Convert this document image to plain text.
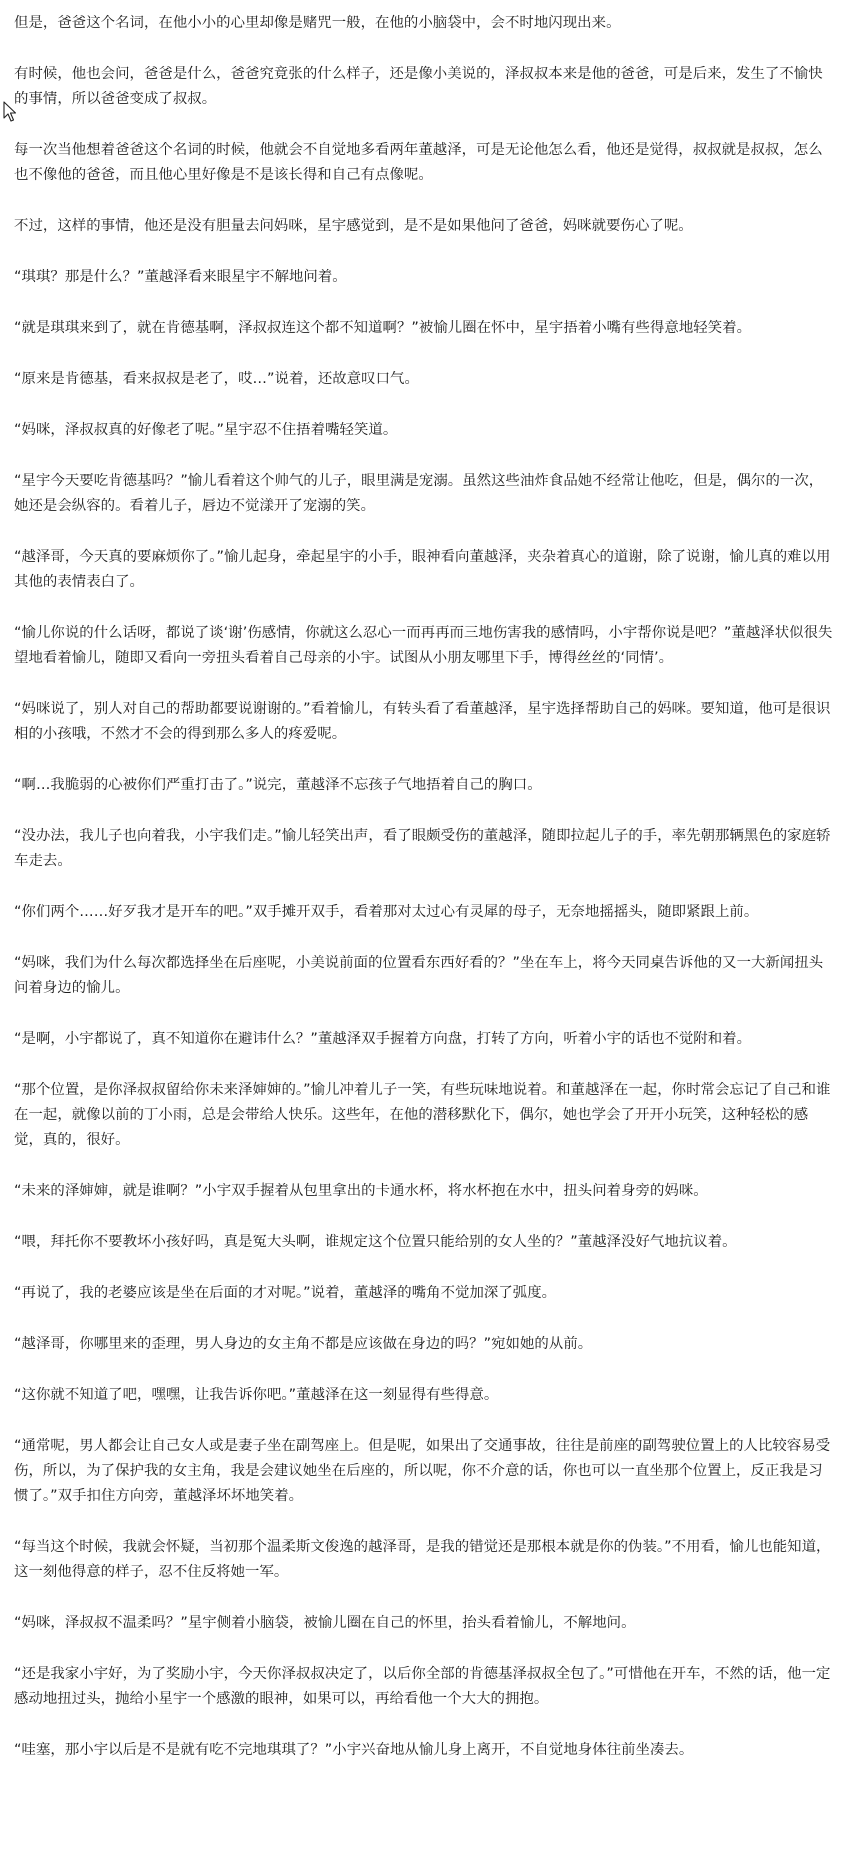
但是，爸爸这个名词，在他小小的心里却像是赌咒一般，在他的小脑袋中，会不时地闪现出来。

有时候，他也会问，爸爸是什么，爸爸究竟张的什么样子，还是像小美说的，泽叔叔本来是他的爸爸，可是后来，发生了不愉快的事情，所以爸爸变成了叔叔。

每一次当他想着爸爸这个名词的时候，他就会不自觉地多看两年董越泽，可是无论他怎么看，他还是觉得，叔叔就是叔叔，怎么也不像他的爸爸，而且他心里好像是不是该长得和自己有点像呢。

不过，这样的事情，他还是没有胆量去问妈咪，星宇感觉到，是不是如果他问了爸爸，妈咪就要伤心了呢。

“琪琪？那是什么？”董越泽看来眼星宇不解地问着。

“就是琪琪来到了，就在肯德基啊，泽叔叔连这个都不知道啊？”被愉儿圈在怀中，星宇捂着小嘴有些得意地轻笑着。

“原来是肯德基，看来叔叔是老了，哎…”说着，还故意叹口气。

“妈咪，泽叔叔真的好像老了呢。”星宇忍不住捂着嘴轻笑道。

“星宇今天要吃肯德基吗？”愉儿看着这个帅气的儿子，眼里满是宠溺。虽然这些油炸食品她不经常让他吃，但是，偶尔的一次，她还是会纵容的。看着儿子，唇边不觉漾开了宠溺的笑。

“越泽哥，今天真的要麻烦你了。”愉儿起身，牵起星宇的小手，眼神看向董越泽，夹杂着真心的道谢，除了说谢，愉儿真的难以用其他的表情表白了。

“愉儿你说的什么话呀，都说了谈‘谢’伤感情，你就这么忍心一而再再而三地伤害我的感情吗，小宇帮你说是吧？”董越泽状似很失望地看着愉儿，随即又看向一旁扭头看着自己母亲的小宇。试图从小朋友哪里下手，博得丝丝的‘同情’。

“妈咪说了，别人对自己的帮助都要说谢谢的。”看着愉儿，有转头看了看董越泽，星宇选择帮助自己的妈咪。要知道，他可是很识相的小孩哦，不然才不会的得到那么多人的疼爱呢。

“啊…我脆弱的心被你们严重打击了。”说完，董越泽不忘孩子气地捂着自己的胸口。

“没办法，我儿子也向着我，小宇我们走。”愉儿轻笑出声，看了眼颇受伤的董越泽，随即拉起儿子的手，率先朝那辆黑色的家庭轿车走去。

“你们两个……好歹我才是开车的吧。”双手摊开双手，看着那对太过心有灵犀的母子，无奈地摇摇头，随即紧跟上前。

“妈咪，我们为什么每次都选择坐在后座呢，小美说前面的位置看东西好看的？”坐在车上，将今天同桌告诉他的又一大新闻扭头问着身边的愉儿。

“是啊，小宇都说了，真不知道你在避讳什么？”董越泽双手握着方向盘，打转了方向，听着小宇的话也不觉附和着。

“那个位置，是你泽叔叔留给你未来泽婶婶的。”愉儿冲着儿子一笑，有些玩味地说着。和董越泽在一起，你时常会忘记了自己和谁在一起，就像以前的丁小雨，总是会带给人快乐。这些年，在他的潜移默化下，偶尔，她也学会了开开小玩笑，这种轻松的感觉，真的，很好。

“未来的泽婶婶，就是谁啊？”小宇双手握着从包里拿出的卡通水杯，将水杯抱在水中，扭头问着身旁的妈咪。

“喂，拜托你不要教坏小孩好吗，真是冤大头啊，谁规定这个位置只能给别的女人坐的？”董越泽没好气地抗议着。

“再说了，我的老婆应该是坐在后面的才对呢。”说着，董越泽的嘴角不觉加深了弧度。

“越泽哥，你哪里来的歪理，男人身边的女主角不都是应该做在身边的吗？”宛如她的从前。

“这你就不知道了吧，嘿嘿，让我告诉你吧。”董越泽在这一刻显得有些得意。

“通常呢，男人都会让自己女人或是妻子坐在副驾座上。但是呢，如果出了交通事故，往往是前座的副驾驶位置上的人比较容易受伤，所以，为了保护我的女主角，我是会建议她坐在后座的，所以呢，你不介意的话，你也可以一直坐那个位置上，反正我是习惯了。”双手扣住方向旁，董越泽坏坏地笑着。

“每当这个时候，我就会怀疑，当初那个温柔斯文俊逸的越泽哥，是我的错觉还是那根本就是你的伪装。”不用看，愉儿也能知道，这一刻他得意的样子，忍不住反将她一军。

“妈咪，泽叔叔不温柔吗？”星宇侧着小脑袋，被愉儿圈在自己的怀里，抬头看着愉儿，不解地问。

“还是我家小宇好，为了奖励小宇，今天你泽叔叔决定了，以后你全部的肯德基泽叔叔全包了。”可惜他在开车，不然的话，他一定感动地扭过头，抛给小星宇一个感激的眼神，如果可以，再给看他一个大大的拥抱。

“哇塞，那小宇以后是不是就有吃不完地琪琪了？”小宇兴奋地从愉儿身上离开，不自觉地身体往前坐凑去。
